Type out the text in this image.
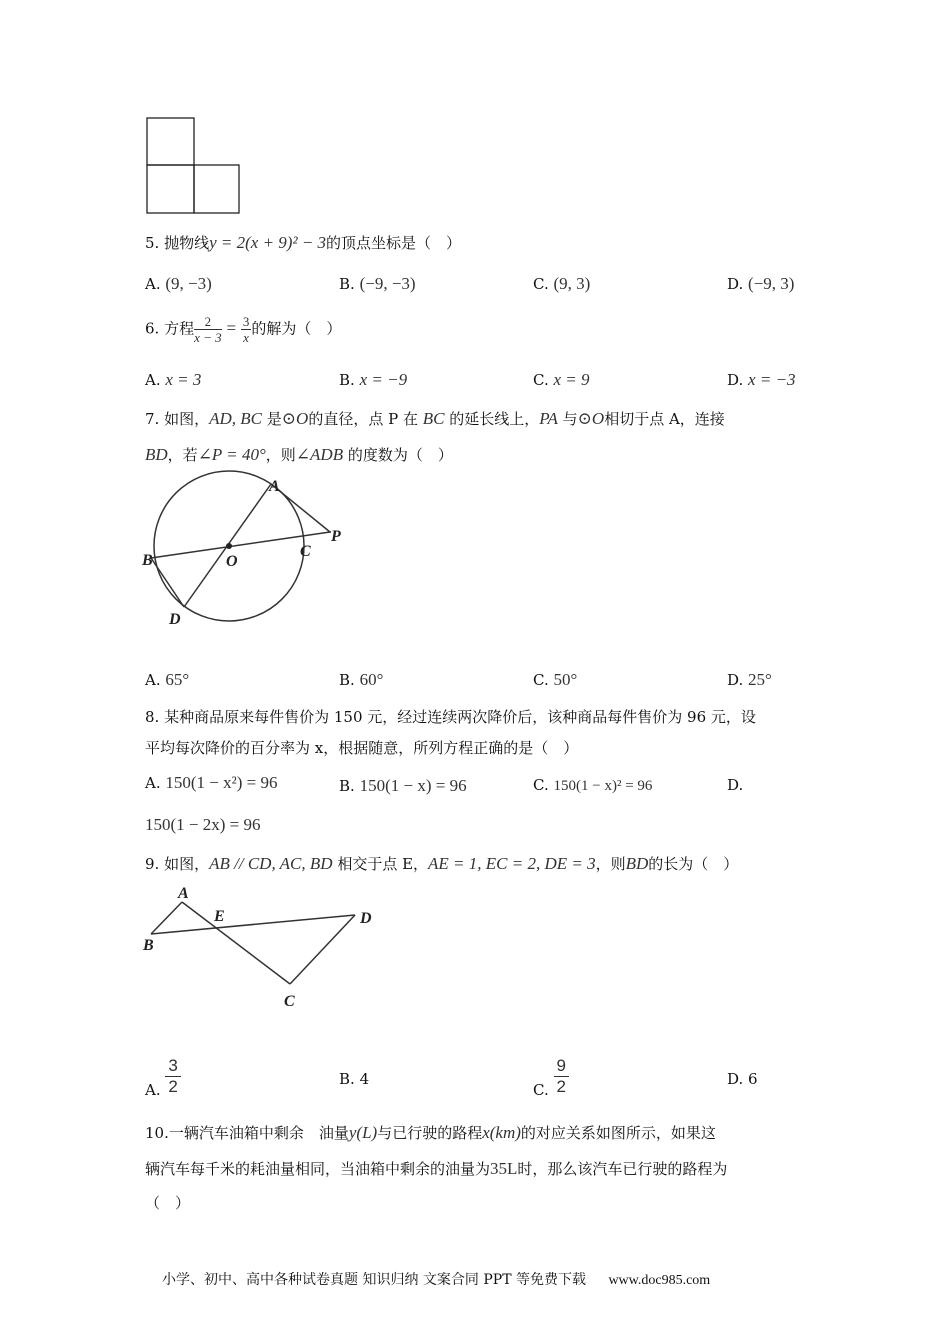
5. 抛物线y = 2(x + 9)² − 3的顶点坐标是（　）
A. (9, −3)	B. (−9, −3)	C. (9, 3)	D. (−9, 3)
6. 方程 $\frac{2}{x - 3} = \frac{3}{x}$ 的解为（　）
A. x = 3	B. x = −9	C. x = 9	D. x = −3
7. 如图，AD, BC 是⊙O的直径，点 P 在 BC 的延长线上，PA 与⊙O相切于点 A，连接
BD，若∠P = 40°，则∠ADB 的度数为（　）
A
B
C
D
O
P
A. 65°	B. 60°	C. 50°	D. 25°
8. 某种商品原来每件售价为 150 元，经过连续两次降价后，该种商品每件售价为 96 元，设
平均每次降价的百分率为 x，根据随意，所列方程正确的是（　）
A. 150(1 − x²) = 96	B. 150(1 − x) = 96	C. 150(1 − x)² = 96	D.
150(1 − 2x) = 96
9. 如图，AB // CD, AC, BD 相交于点 E，AE = 1, EC = 2, DE = 3，则BD的长为（　）
A
B
E	D
C
A. $\frac{3}{2}$	B. 4
C. $\frac{9}{2}$	D. 6
10.一辆汽车油箱中剩余　油量y(L)与已行驶的路程x(km)的对应关系如图所示，如果这
辆汽车每千米的耗油量相同，当油箱中剩余的油量为35L时，那么该汽车已行驶的路程为
（　）
小学、初中、高中各种试卷真题 知识归纳 文案合同 PPT 等免费下载 www.doc985.com
